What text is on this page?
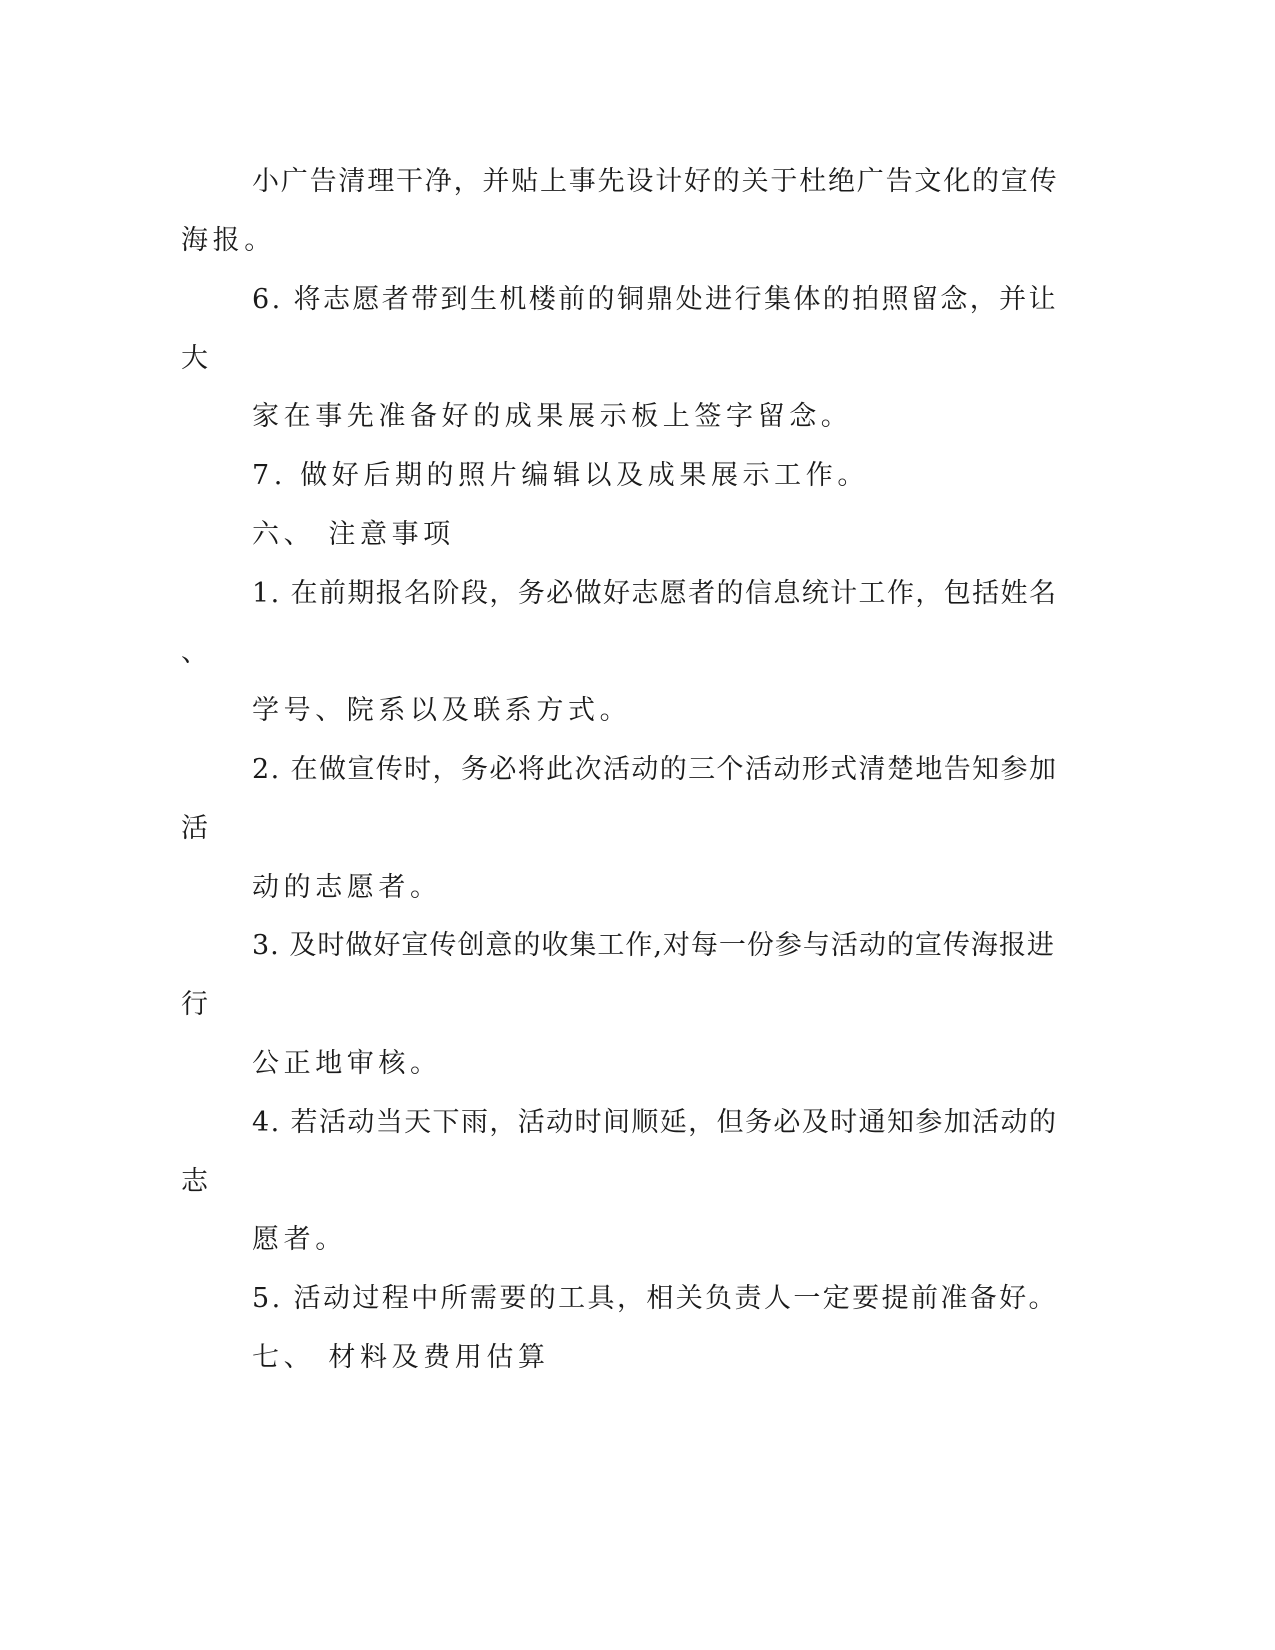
小广告清理干净，并贴上事先设计好的关于杜绝广告文化的宣传
海报。
6. 将志愿者带到生机楼前的铜鼎处进行集体的拍照留念，并让
大
家在事先准备好的成果展示板上签字留念。
7. 做好后期的照片编辑以及成果展示工作。
六、 注意事项
1. 在前期报名阶段，务必做好志愿者的信息统计工作，包括姓名
、
学号、院系以及联系方式。
2. 在做宣传时，务必将此次活动的三个活动形式清楚地告知参加
活
动的志愿者。
3. 及时做好宣传创意的收集工作,对每一份参与活动的宣传海报进
行
公正地审核。
4. 若活动当天下雨，活动时间顺延，但务必及时通知参加活动的
志
愿者。
5. 活动过程中所需要的工具，相关负责人一定要提前准备好。
七、 材料及费用估算
